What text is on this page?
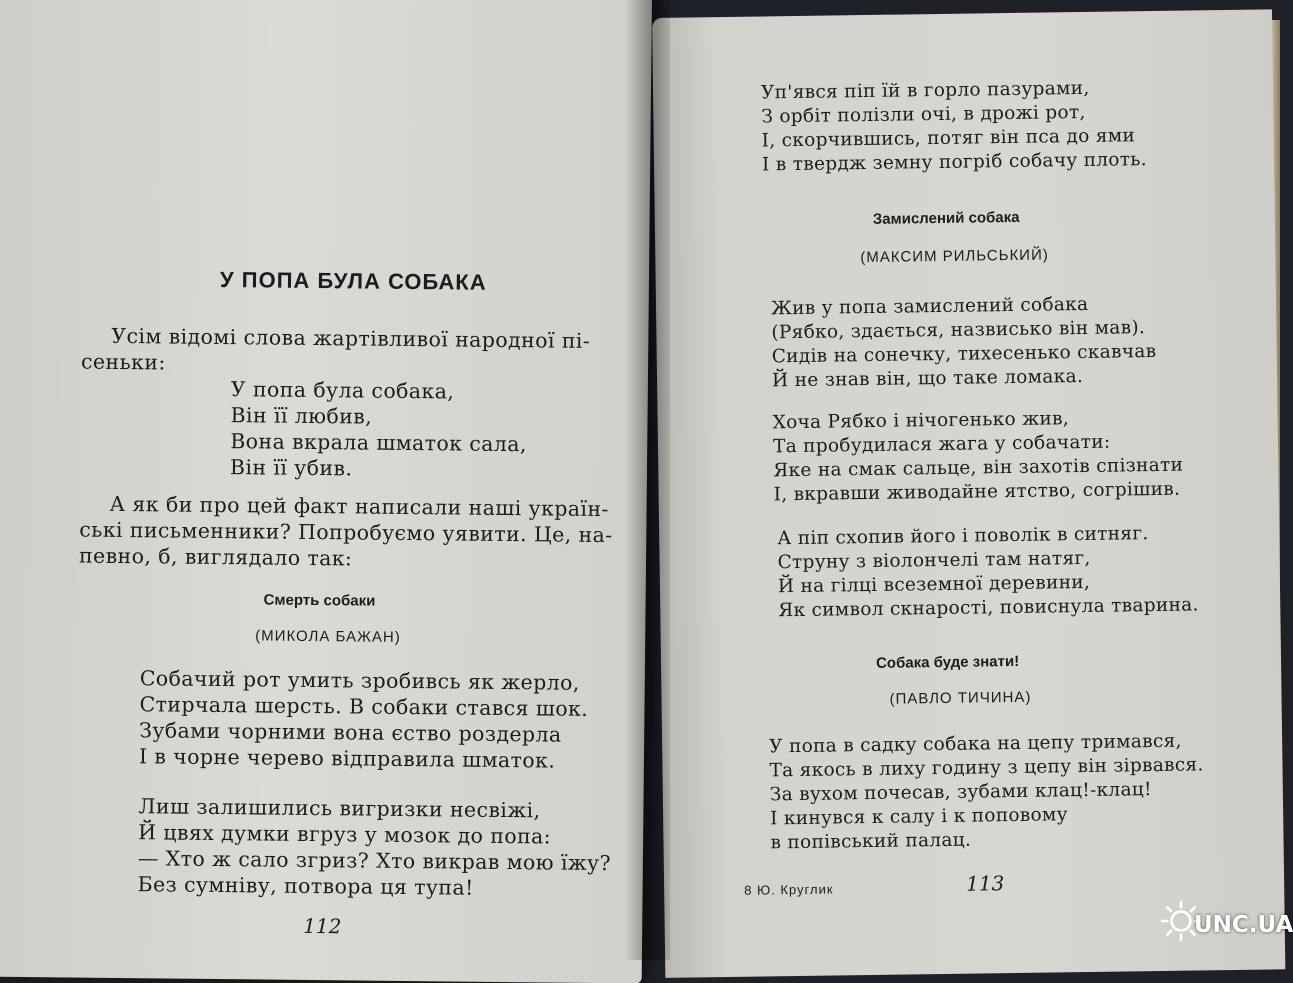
У ПОПА БУЛА СОБАКА
Усім відомі слова жартівливої народної пі-
сеньки:
У попа була собака,
Він її любив,
Вона вкрала шматок сала,
Він її убив.
А як би про цей факт написали наші україн-
ські письменники? Попробуємо уявити. Це, на-
певно, б, виглядало так:
Смерть собаки
(МИКОЛА БАЖАН)
Собачий рот умить зробивсь як жерло,
Стирчала шерсть. В собаки стався шок.
Зубами чорними вона єство роздерла
І в чорне черево відправила шматок.
Лиш залишились вигризки несвіжі,
Й цвях думки вгруз у мозок до попа:
— Хто ж сало згриз? Хто викрав мою їжу?
Без сумніву, потвора ця тупа!
112
Уп'явся піп їй в горло пазурами,
З орбіт полізли очі, в дрожі рот,
І, скорчившись, потяг він пса до ями
І в твердж земну погріб собачу плоть.
Замислений собака
(МАКСИМ РИЛЬСЬКИЙ)
Жив у попа замислений собака
(Рябко, здається, назвисько він мав).
Сидів на сонечку, тихесенько скавчав
Й не знав він, що таке ломака.
Хоча Рябко і нічогенько жив,
Та пробудилася жага у собачати:
Яке на смак сальце, він захотів спізнати
І, вкравши живодайне ятство, согрішив.
А піп схопив його і поволік в ситняг.
Струну з віолончелі там натяг,
Й на гілці всеземної деревини,
Як символ скнарості, повиснула тварина.
Собака буде знати!
(ПАВЛО ТИЧИНА)
У попа в садку собака на цепу тримався,
Та якось в лиху годину з цепу він зірвався.
За вухом почесав, зубами клац!-клац!
І кинувся к салу і к поповому
в попівський палац.
8 Ю. Круглик	113
UNC.UA
